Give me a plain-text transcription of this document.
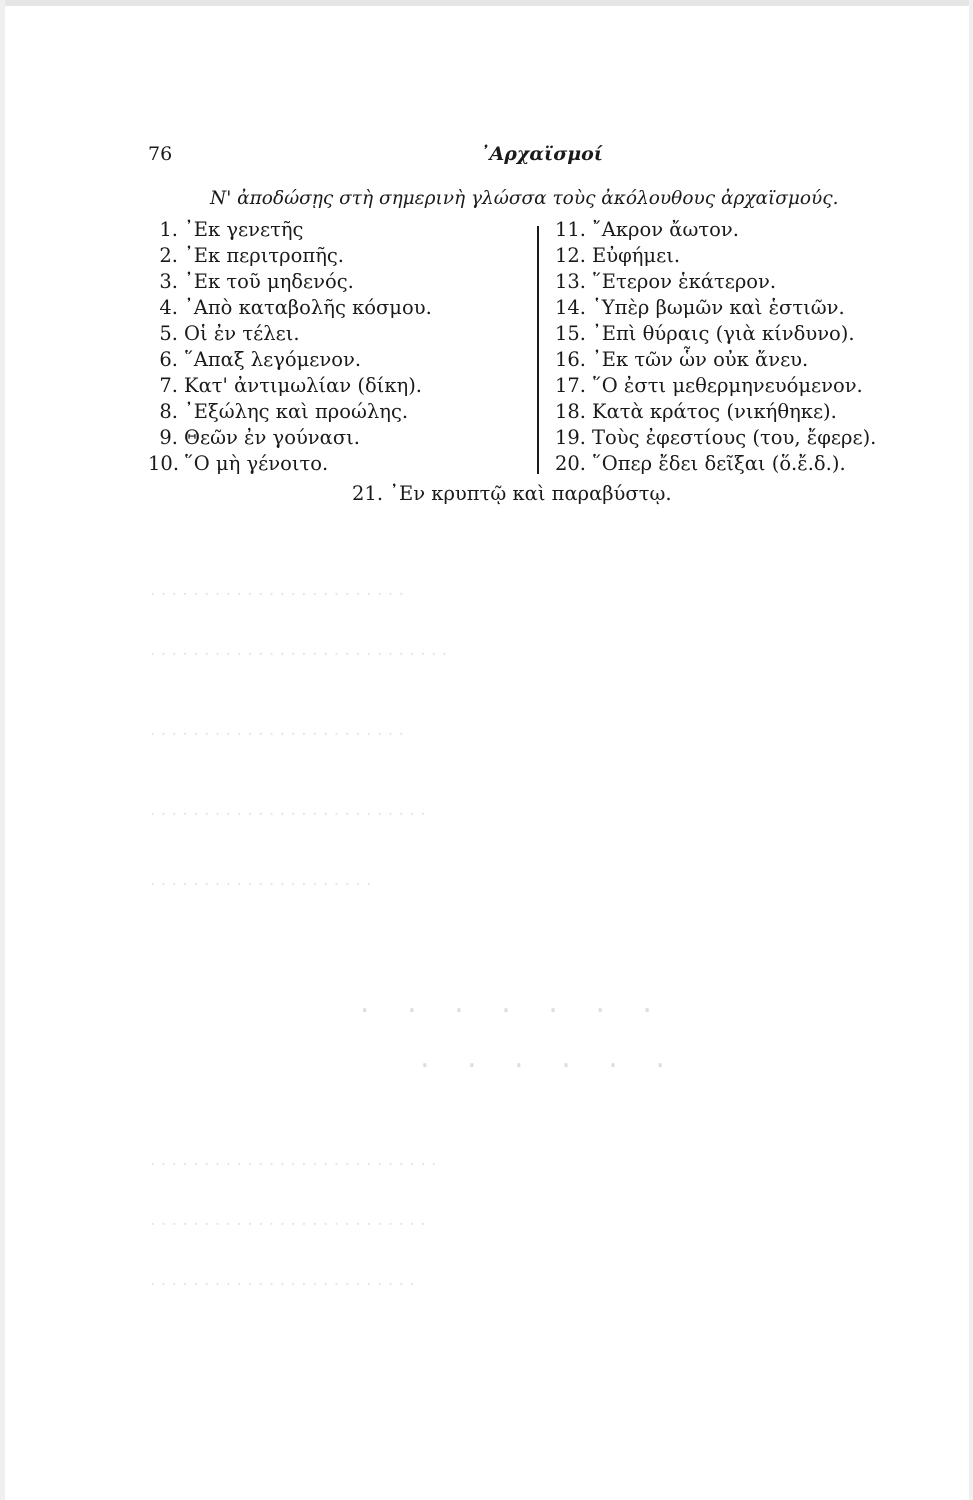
. . . . . . . . . . . . . . . . . . . . . . . .
. . . . . . . . . . . . . . . . . . . . . . . . . . . .
. . . . . . . . . . . . . . . . . . . . . . . .
. . . . . . . . . . . . . . . . . . . . . . . . . .
. . . . . . . . . . . . . . . . . . . . .
. . . . . . .
. . . . . .
. . . . . . . . . . . . . . . . . . . . . . . . . . .
. . . . . . . . . . . . . . . . . . . . . . . . . .
. . . . . . . . . . . . . . . . . . . . . . . . .
76	᾿Αρχαϊσμοί
Ν' ἀποδώσῃς στὴ σημερινὴ γλώσσα τοὺς ἀκόλουθους ἀρχαϊσμούς.
1. ᾿Εκ γενετῆς
2. ᾿Εκ περιτροπῆς.
3. ᾿Εκ τοῦ μηδενός.
4. ᾿Απὸ καταβολῆς κόσμου.
5. Οἱ ἐν τέλει.
6. ῞Απαξ λεγόμενον.
7. Κατ' ἀντιμωλίαν (δίκη).
8. ᾿Εξώλης καὶ προώλης.
9. Θεῶν ἐν γούνασι.
10. ῞Ο μὴ γένοιτο.
11. ῎Ακρον ἄωτον.
12. Εὐφήμει.
13. ῞Ετερον ἑκάτερον.
14. ῾Υπὲρ βωμῶν καὶ ἑστιῶν.
15. ᾿Επὶ θύραις (γιὰ κίνδυνο).
16. ᾿Εκ τῶν ὧν οὐκ ἄνευ.
17. ῞Ο ἐστι μεθερμηνευόμενον.
18. Κατὰ κράτος (νικήθηκε).
19. Τοὺς ἐφεστίους (του, ἔφερε).
20. ῞Οπερ ἔδει δεῖξαι (ὅ.ἔ.δ.).
21. ᾿Εν κρυπτῷ καὶ παραβύστῳ.
